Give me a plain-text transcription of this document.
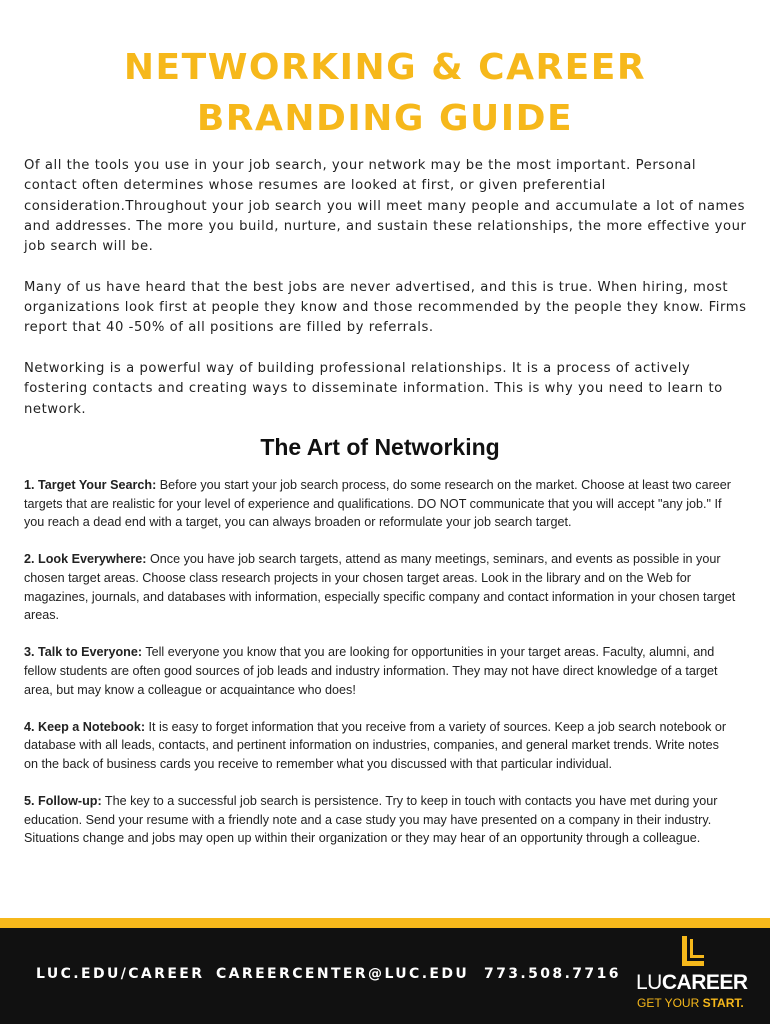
NETWORKING & CAREER
BRANDING GUIDE

Of all the tools you use in your job search, your network may be the most important. Personal contact often determines whose resumes are looked at first, or given preferential consideration.Throughout your job search you will meet many people and accumulate a lot of names and addresses. The more you build, nurture, and sustain these relationships, the more effective your job search will be.

Many of us have heard that the best jobs are never advertised, and this is true. When hiring, most organizations look first at people they know and those recommended by the people they know. Firms report that 40 -50% of all positions are filled by referrals.

Networking is a powerful way of building professional relationships. It is a process of actively fostering contacts and creating ways to disseminate information. This is why you need to learn to network.

The Art of Networking

1. Target Your Search: Before you start your job search process, do some research on the market. Choose at least two career targets that are realistic for your level of experience and qualifications. DO NOT communicate that you will accept "any job." If you reach a dead end with a target, you can always broaden or reformulate your job search target.

2. Look Everywhere: Once you have job search targets, attend as many meetings, seminars, and events as possible in your chosen target areas. Choose class research projects in your chosen target areas. Look in the library and on the Web for magazines, journals, and databases with information, especially specific company and contact information in your chosen target areas.

3. Talk to Everyone: Tell everyone you know that you are looking for opportunities in your target areas. Faculty, alumni, and fellow students are often good sources of job leads and industry information. They may not have direct knowledge of a target area, but may know a colleague or acquaintance who does!

4. Keep a Notebook: It is easy to forget information that you receive from a variety of sources. Keep a job search notebook or database with all leads, contacts, and pertinent information on industries, companies, and general market trends. Write notes on the back of business cards you receive to remember what you discussed with that particular individual.

5. Follow-up: The key to a successful job search is persistence. Try to keep in touch with contacts you have met during your education. Send your resume with a friendly note and a case study you may have presented on a company in their industry. Situations change and jobs may open up within their organization or they may hear of an opportunity through a colleague.

LUC.EDU/CAREER CAREERCENTER@LUC.EDU 773.508.7716 LUCAREER
GET YOUR START.
